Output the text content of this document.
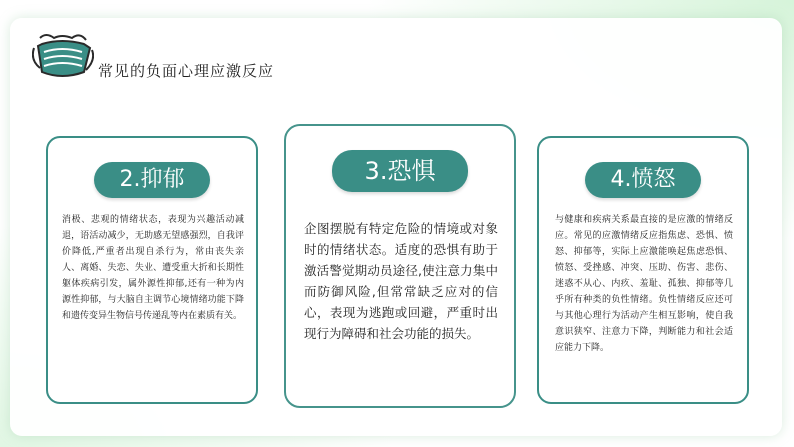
常见的负面心理应激反应
2.抑郁
消极、悲观的情绪状态，表现为兴趣活动减退，语活动减少，无助感无望感强烈，自我评价降低,严重者出现自杀行为，常由丧失亲人、离婚、失恋、失业、遭受重大折和长期性躯体疾病引发，属外源性抑郁,还有一种为内源性抑郁，与大脑自主调节心境情绪功能下降和遗传变异生物信号传递乱等内在素质有关。
3.恐惧
企图摆脱有特定危险的情境或对象时的情绪状态。适度的恐惧有助于激活警觉期动员途径,使注意力集中而防御风险,但常常缺乏应对的信心，表现为逃跑或回避，严重时出现行为障碍和社会功能的损失。
4.愤怒
与健康和疾病关系最直接的是应激的情绪反应。常见的应激情绪反应指焦虑、恐惧、愤怒、抑郁等，实际上应激能唤起焦虑恐惧、愤怒、受挫感、冲突、压助、伤害、悲伤、迷惑不从心、内疚、羞耻、孤独、抑郁等几乎所有种类的负性情绪。负性情绪反应还可与其他心理行为活动产生相互影响，使自我意识狭窄、注意力下降，判断能力和社会适应能力下降。
